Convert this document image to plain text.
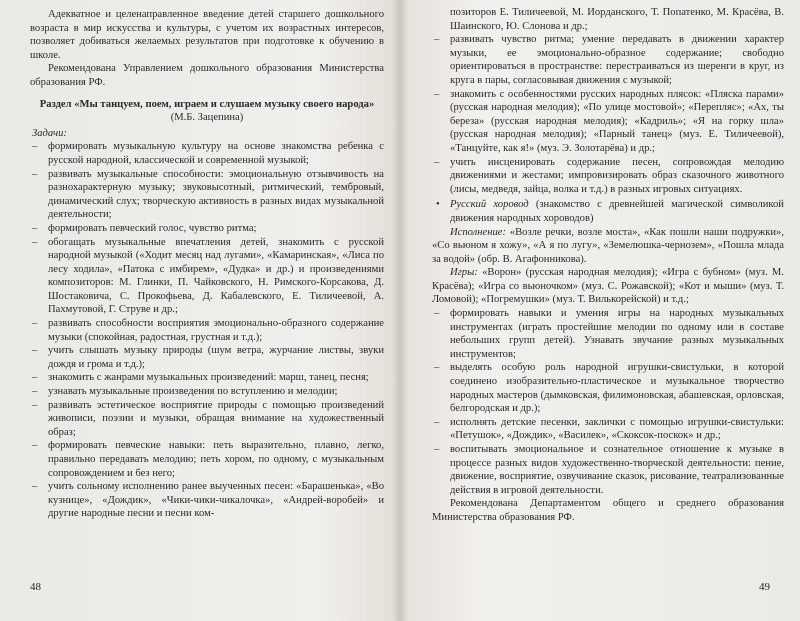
Адекватное и целенаправленное введение детей старшего дошкольного возраста в мир искусства и культуры, с учетом их возрастных интересов, позволяет добиваться желаемых результатов при подготовке к обучению в школе.

Рекомендована Управлением дошкольного образования Министерства образования РФ.

Раздел «Мы танцуем, поем, играем и слушаем музыку своего народа» (М.Б. Зацепина)

Задачи:

– формировать музыкальную культуру на основе знакомства ребенка с русской народной, классической и современной музыкой;
– развивать музыкальные способности: эмоциональную отзывчивость на разнохарактерную музыку; звуковысотный, ритмический, тембровый, динамический слух; творческую активность в разных видах музыкальной деятельности;
– формировать певческий голос, чувство ритма;
– обогащать музыкальные впечатления детей, знакомить с русской народной музыкой («Ходит месяц над лугами», «Камаринская», «Лиса по лесу ходила», «Патока с имбирем», «Дудка» и др.) и произведениями композиторов: М. Глинки, П. Чайковского, Н. Римского-Корсакова, Д. Шостаковича, С. Прокофьева, Д. Кабалевского, Е. Тиличеевой, А. Пахмутовой, Г. Струве и др.;
– развивать способности восприятия эмоционально-образного содержание музыки (спокойная, радостная, грустная и т.д.);
– учить слышать музыку природы (шум ветра, журчание листвы, звуки дождя и грома и т.д.);
– знакомить с жанрами музыкальных произведений: марш, танец, песня;
– узнавать музыкальные произведения по вступлению и мелодии;
– развивать эстетическое восприятие природы с помощью произведений живописи, поэзии и музыки, обращая внимание на художественный образ;
– формировать певческие навыки: петь выразительно, плавно, легко, правильно передавать мелодию; петь хором, по одному, с музыкальным сопровождением и без него;
– учить сольному исполнению ранее выученных песен: «Барашенька», «Во кузнице», «Дождик», «Чики-чики-чикалочка», «Андрей-воробей» и другие народные песни и песни ком-
48

позиторов Е. Тиличеевой, М. Иорданского, Т. Попатенко, М. Красёва, В. Шаинского, Ю. Слонова и др.;

– развивать чувство ритма; умение передавать в движении характер музыки, ее эмоционально-образное содержание; свободно ориентироваться в пространстве: перестраиваться из шеренги в круг, из круга в пары, согласовывая движения с музыкой;
– знакомить с особенностями русских народных плясок: «Пляска парами» (русская народная мелодия); «По улице мостовой»; «Перепляс»; «Ах, ты береза» (русская народная мелодия); «Кадриль»; «Я на горку шла» (русская народная мелодия); «Парный танец» (муз. Е. Тиличеевой), «Танцуйте, как я!» (муз. Э. Золотарёва) и др.;
– учить инсценировать содержание песен, сопровождая мелодию движениями и жестами; импровизировать образ сказочного животного (лисы, медведя, зайца, волка и т.д.) в разных игровых ситуациях.

• Русский хоровод (знакомство с древнейшей магической символикой движения народных хороводов)

Исполнение: «Возле речки, возле моста», «Как пошли наши подружки», «Со вьюном я хожу», «А я по лугу», «Земелюшка-чернозем», «Пошла млада за водой» (обр. В. Агафонникова).

Игры: «Ворон» (русская народная мелодия); «Игра с бубном» (муз. М. Красёва); «Игра со вьюночком» (муз. С. Рожавской); «Кот и мыши» (муз. Т. Ломовой); «Погремушки» (муз. Т. Вилькорейской) и т.д.;

– формировать навыки и умения игры на народных музыкальных инструментах (играть простейшие мелодии по одному или в составе небольших групп детей). Узнавать звучание разных музыкальных инструментов;
– выделять особую роль народной игрушки-свистульки, в которой соединено изобразительно-пластическое и музыкальное творчество народных мастеров (дымковская, филимоновская, абашевская, орловская, белгородская и др.);
– исполнять детские песенки, заклички с помощью игрушки-свистульки: «Петушок», «Дождик», «Василек», «Скоксок-поскок» и др.;
– воспитывать эмоциональное и сознательное отношение к музыке в процессе разных видов художественно-творческой деятельности: пение, движение, восприятие, озвучивание сказок, рисование, театрализованные действия в игровой деятельности.

Рекомендована Департаментом общего и среднего образования Министерства образования РФ.

49
